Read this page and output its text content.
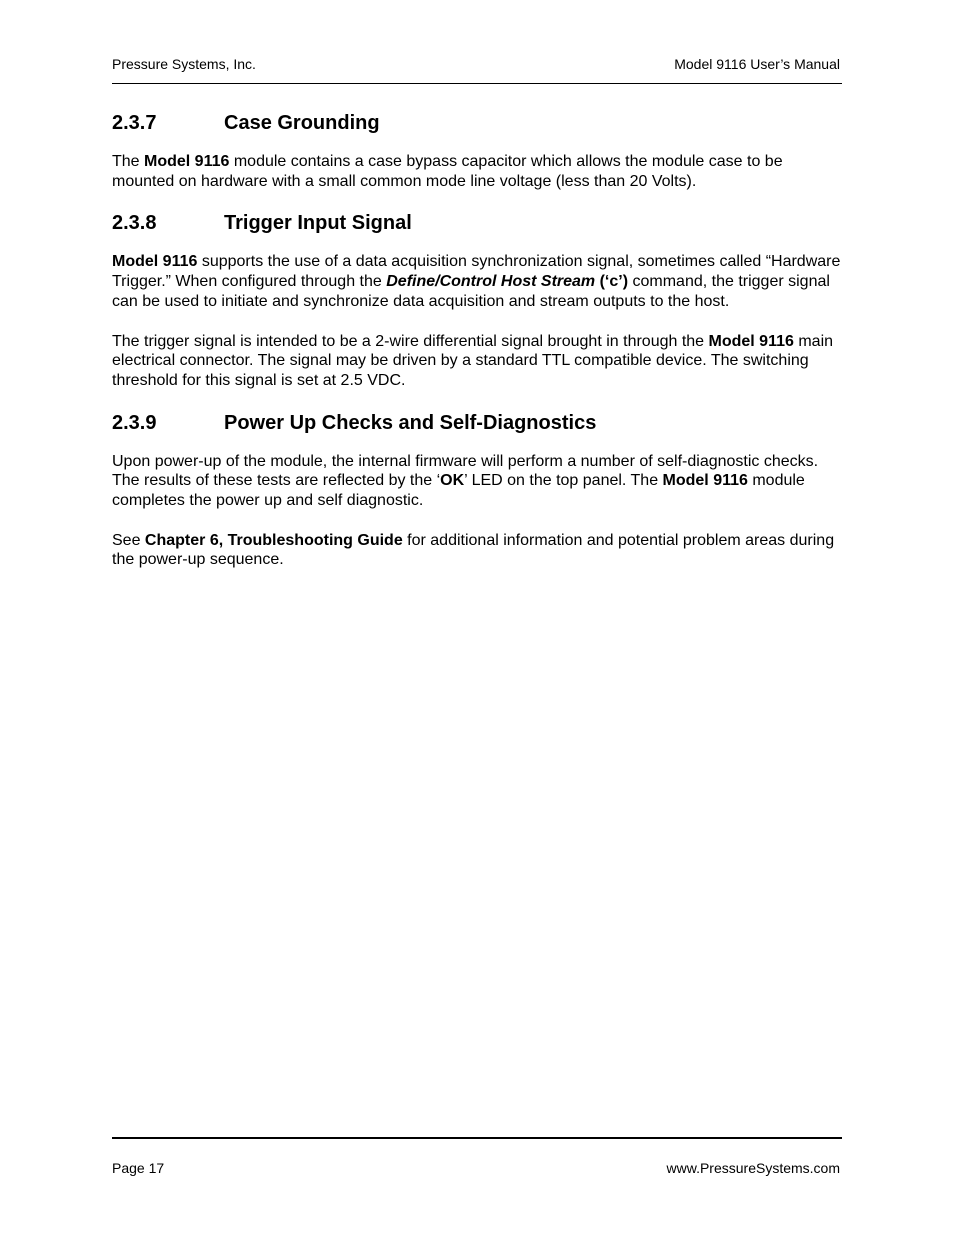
Pressure Systems, Inc.	Model 9116 User’s Manual
2.3.7	Case Grounding

The Model 9116 module contains a case bypass capacitor which allows the module case to be mounted on hardware with a small common mode line voltage (less than 20 Volts).

2.3.8	Trigger Input Signal

Model 9116 supports the use of a data acquisition synchronization signal, sometimes called “Hardware Trigger.” When configured through the Define/Control Host Stream (‘c’) command, the trigger signal can be used to initiate and synchronize data acquisition and stream outputs to the host.

The trigger signal is intended to be a 2-wire differential signal brought in through the Model 9116 main electrical connector. The signal may be driven by a standard TTL compatible device. The switching threshold for this signal is set at 2.5 VDC.

2.3.9	Power Up Checks and Self-Diagnostics

Upon power-up of the module, the internal firmware will perform a number of self-diagnostic checks. The results of these tests are reflected by the ‘OK’ LED on the top panel. The Model 9116 module completes the power up and self diagnostic.

See Chapter 6, Troubleshooting Guide for additional information and potential problem areas during the power-up sequence.

Page 17	www.PressureSystems.com
